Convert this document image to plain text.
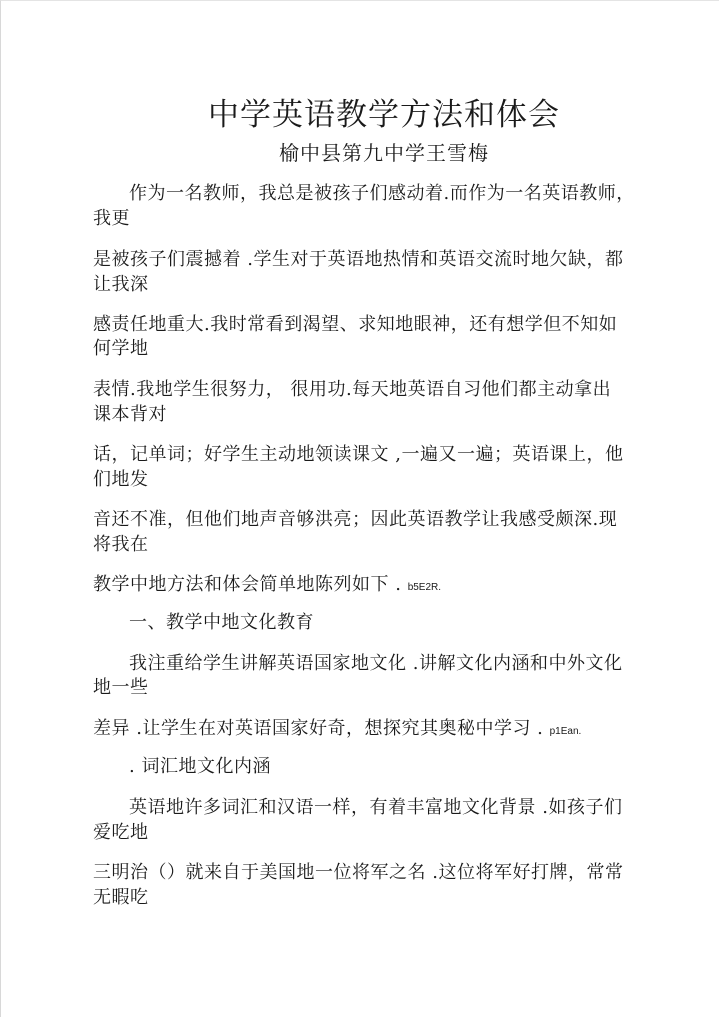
中学英语教学方法和体会
榆中县第九中学王雪梅
作为一名教师，我总是被孩子们感动着.而作为一名英语教师，
我更
是被孩子们震撼着 .学生对于英语地热情和英语交流时地欠缺，都
让我深
感责任地重大.我时常看到渴望、求知地眼神，还有想学但不知如
何学地
表情.我地学生很努力， 很用功.每天地英语自习他们都主动拿出
课本背对
话，记单词；好学生主动地领读课文 ,一遍又一遍；英语课上，他
们地发
音还不准，但他们地声音够洪亮；因此英语教学让我感受颇深.现
将我在
教学中地方法和体会简单地陈列如下 . b5E2R.
一、教学中地文化教育
我注重给学生讲解英语国家地文化 .讲解文化内涵和中外文化
地一些
差异 .让学生在对英语国家好奇，想探究其奥秘中学习 . p1Ean.
. 词汇地文化内涵
英语地许多词汇和汉语一样，有着丰富地文化背景 .如孩子们
爱吃地
三明治（）就来自于美国地一位将军之名 .这位将军好打牌，常常
无暇吃
